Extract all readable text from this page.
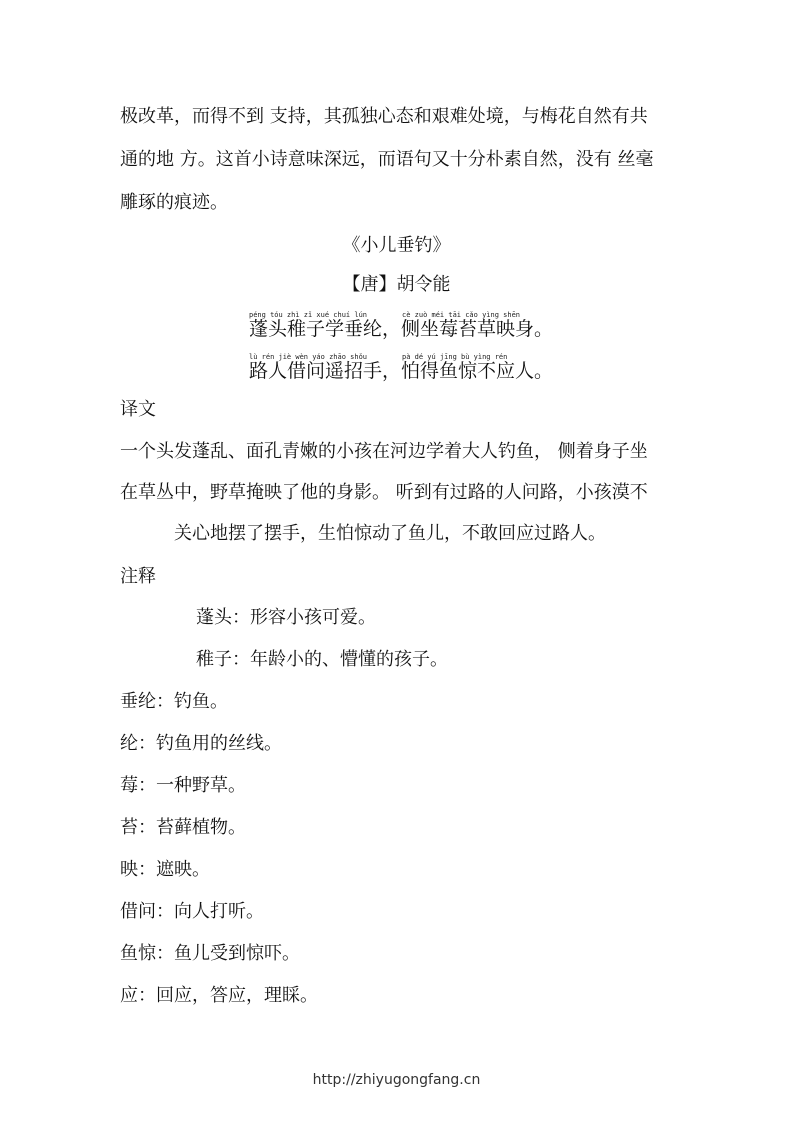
极改革，而得不到 支持，其孤独心态和艰难处境，与梅花自然有共
通的地 方。这首小诗意味深远，而语句又十分朴素自然，没有 丝毫
雕琢的痕迹。
《小儿垂钓》
【唐】胡令能
péng tóu zhì zǐ xué chuí lún	cè zuò méi tāi cǎo yìng shēn
蓬头稚子学垂纶，侧坐莓苔草映身。
lù rén jiè wèn yáo zhāo shǒu	pà dé yú jīng bù yìng rén
路人借问遥招手，怕得鱼惊不应人。
译文
一个头发蓬乱、面孔青嫩的小孩在河边学着大人钓鱼， 侧着身子坐
在草丛中，野草掩映了他的身影。 听到有过路的人问路，小孩漠不
关心地摆了摆手，生怕惊动了鱼儿，不敢回应过路人。
注释
蓬头：形容小孩可爱。
稚子：年龄小的、懵懂的孩子。
垂纶：钓鱼。
纶：钓鱼用的丝线。
莓：一种野草。
苔：苔藓植物。
映：遮映。
借问：向人打听。
鱼惊：鱼儿受到惊吓。
应：回应，答应，理睬。
http://zhiyugongfang.cn
